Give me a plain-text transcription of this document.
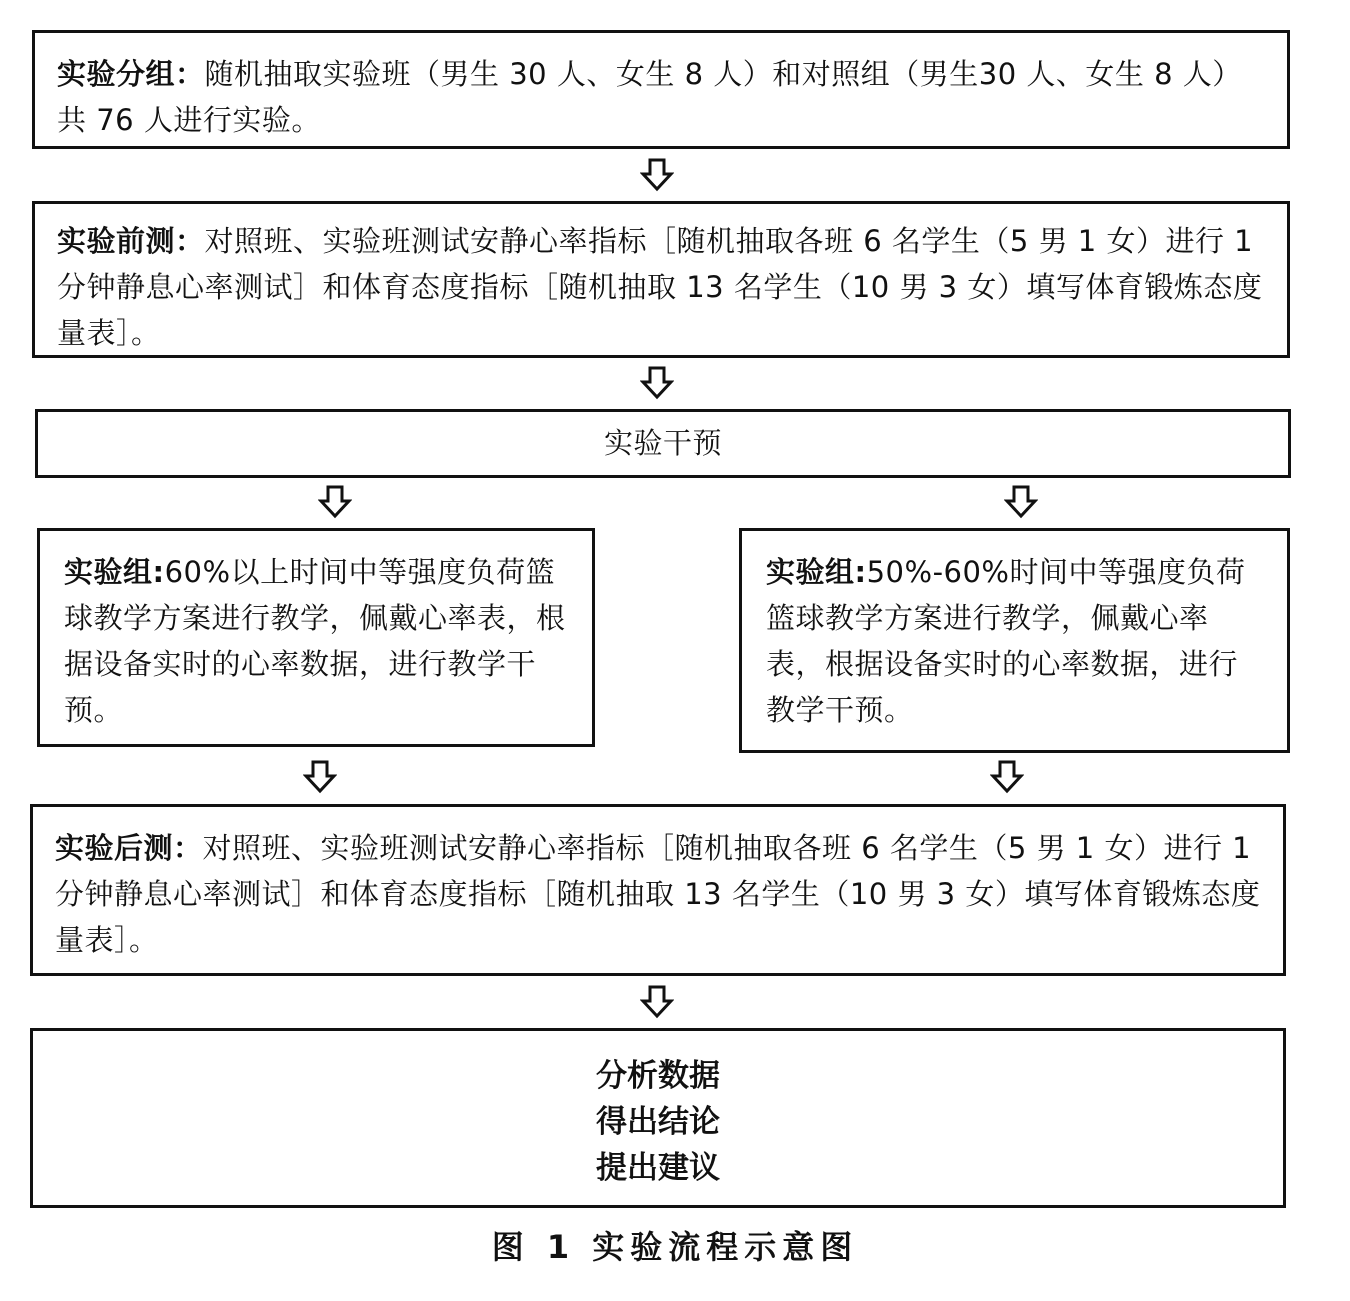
实验分组：随机抽取实验班（男生 30 人、女生 8 人）和对照组（男生30 人、女生 8 人）共 76 人进行实验。
实验前测：对照班、实验班测试安静心率指标［随机抽取各班 6 名学生（5 男 1 女）进行 1 分钟静息心率测试］和体育态度指标［随机抽取 13 名学生（10 男 3 女）填写体育锻炼态度量表］。
实验干预
实验组:60%以上时间中等强度负荷篮球教学方案进行教学，佩戴心率表，根据设备实时的心率数据，进行教学干预。
实验组:50%-60%时间中等强度负荷篮球教学方案进行教学，佩戴心率表，根据设备实时的心率数据，进行教学干预。
实验后测：对照班、实验班测试安静心率指标［随机抽取各班 6 名学生（5 男 1 女）进行 1 分钟静息心率测试］和体育态度指标［随机抽取 13 名学生（10 男 3 女）填写体育锻炼态度量表］。
分析数据
得出结论
提出建议
图 1 实验流程示意图
